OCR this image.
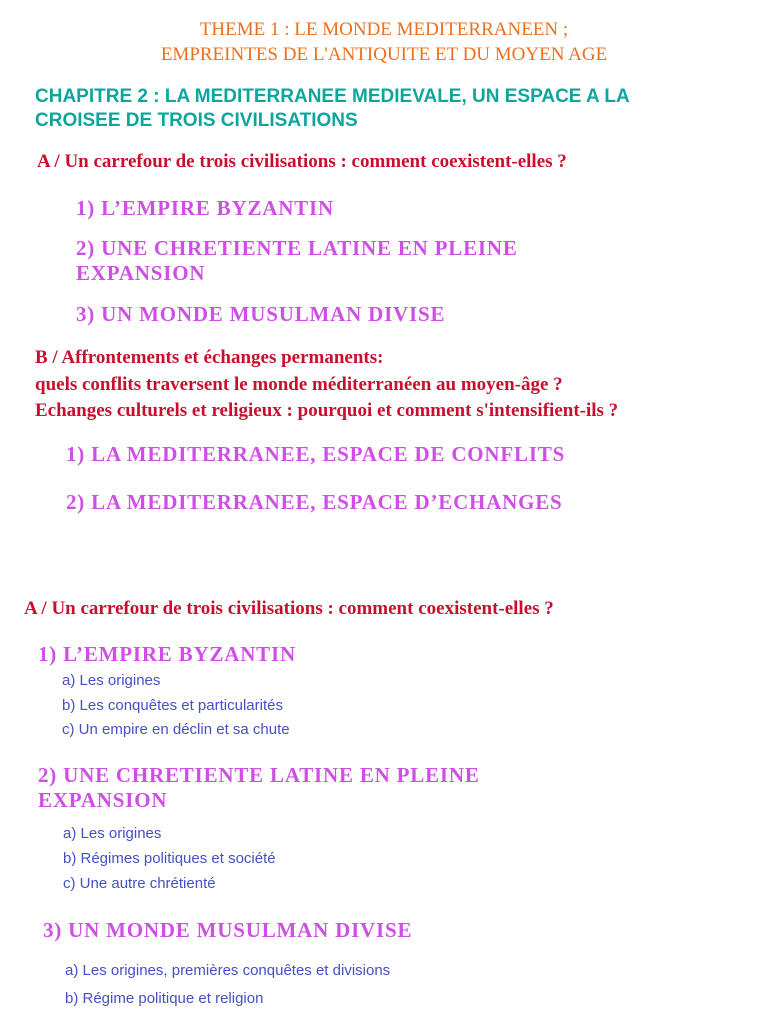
THEME 1 : LE MONDE MEDITERRANEEN ;
EMPREINTES DE L'ANTIQUITE ET DU MOYEN AGE
CHAPITRE 2 : LA MEDITERRANEE MEDIEVALE, UN ESPACE A LA
CROISEE DE TROIS CIVILISATIONS
A / Un carrefour de trois civilisations : comment coexistent-elles ?
1) L’EMPIRE BYZANTIN
2) UNE CHRETIENTE LATINE EN PLEINE
EXPANSION
3) UN MONDE MUSULMAN DIVISE
B / Affrontements et échanges permanents:
quels conflits traversent le monde méditerranéen au moyen-âge ?
Echanges culturels et religieux : pourquoi et comment s'intensifient-ils ?
1) LA MEDITERRANEE, ESPACE DE CONFLITS
2) LA MEDITERRANEE, ESPACE D’ECHANGES
A / Un carrefour de trois civilisations : comment coexistent-elles ?
1) L’EMPIRE BYZANTIN
a) Les origines
b) Les conquêtes et particularités
c) Un empire en déclin et sa chute
2) UNE CHRETIENTE LATINE EN PLEINE
EXPANSION
a) Les origines
b) Régimes politiques et société
c) Une autre chrétienté
3) UN MONDE MUSULMAN DIVISE
a) Les origines, premières conquêtes et divisions
b) Régime politique et religion
